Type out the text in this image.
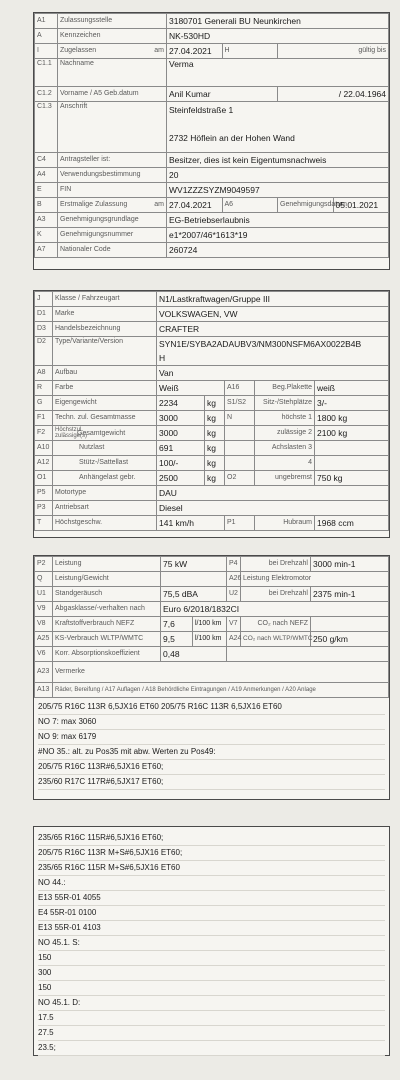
A1	Zulassungsstelle	3180701 Generali BU Neunkirchen			
A	Kennzeichen	NK-530HD			
I	Zugelassen am	27.04.2021	H	gültig bis	
C1.1	Nachname	Verma			
C1.2	Vorname / A5 Geb.datum	Anil Kumar		/ 22.04.1964	
C1.3	Anschrift	Steinfeldstraße 1
2732 Höflein an der Hohen Wand			

C4	Antragsteller ist:	Besitzer, dies ist kein Eigentumsnachweis			
A4	Verwendungsbestimmung	20			
E	FIN	WV1ZZZSYZM9049597			
B	Erstmalige Zulassung am	27.04.2021	A6	Genehmigungsdatum	05.01.2021
A3	Genehmigungsgrundlage	EG-Betriebserlaubnis			
K	Genehmigungsnummer	e1*2007/46*1613*19			
A7	Nationaler Code	260724			
J	Klasse / Fahrzeugart	N1/Lastkraftwagen/Gruppe III				
D1	Marke	VOLKSWAGEN, VW				
D3	Handelsbezeichnung	CRAFTER				
D2	Type/Variante/Version	SYN1E/SYBA2ADAUBV3/NM300NSFM6AX0022B4B
H				

A8	Aufbau	Van				
R	Farbe	Weiß		A16	Beg.Plakette	weiß
G	Eigengewicht	2234	kg	S1/S2	Sitz-/Stehplätze	3/-
F1	Techn. zul. Gesamtmasse	3000	kg	N	höchste 1	1800 kg
F2	Höchstzul. zulässige(s)Gesamtgewicht	3000	kg		zulässige 2	2100 kg
A10	Nutzlast	691	kg		Achslasten 3	
A12	Stütz-/Sattellast	100/-	kg		4	
O1	Anhängelast gebr.	2500	kg	O2	ungebremst	750 kg
P5	Motortype	DAU				
P3	Antriebsart	Diesel				
T	Höchstgeschw.	141 km/h		P1	Hubraum	1968 ccm
P2	Leistung	75 kW		P4	bei Drehzahl	3000 min-1
Q	Leistung/Gewicht			A26	Leistung Elektromotor	
U1	Standgeräusch	75,5 dBA		U2	bei Drehzahl	2375 min-1
V9	Abgasklasse/-verhalten nach	Euro 6/2018/1832CI				
V8	Kraftstoffverbrauch NEFZ	7,6	l/100 km	V7	CO₂ nach NEFZ	
A25	KS-Verbrauch WLTP/WMTC	9,5	l/100 km	A24	CO₂ nach WLTP/WMTC	250 g/km
V6	Korr. Absorptionskoeffizient	0,48				
A23	Vermerke					
A13	Räder, Bereifung / A17 Auflagen / A18 Behördliche Eintragungen / A19 Anmerkungen / A20 Anlage					
205/75 R16C 113R 6,5JX16 ET60 205/75 R16C 113R 6,5JX16 ET60
NO 7: max 3060
NO 9: max 6179
#NO 35.: alt. zu Pos35 mit abw. Werten zu Pos49:
205/75 R16C 113R#6,5JX16 ET60;
235/60 R17C 117R#6,5JX17 ET60;
235/65 R16C 115R#6,5JX16 ET60;
205/75 R16C 113R M+S#6,5JX16 ET60;
235/65 R16C 115R M+S#6,5JX16 ET60
NO 44.:
E13 55R-01 4055
E4 55R-01 0100
E13 55R-01 4103
NO 45.1. S:
150
300
150
NO 45.1. D:
17.5
27.5
23.5;
